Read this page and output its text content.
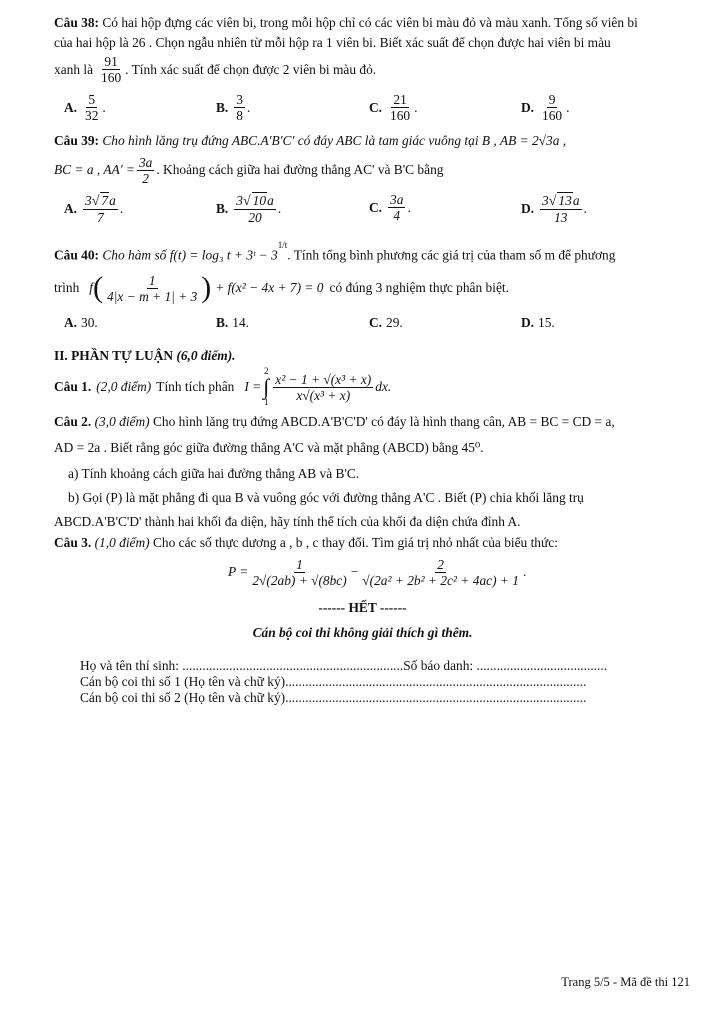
Câu 38: Có hai hộp đựng các viên bi, trong mỗi hộp chỉ có các viên bi màu đỏ và màu xanh. Tổng số viên bi
của hai hộp là 26 . Chọn ngẫu nhiên từ mỗi hộp ra 1 viên bi. Biết xác suất để chọn được hai viên bi màu
xanh là $\frac{91}{160}$ . Tính xác suất để chọn được 2 viên bi màu đỏ.
A. $\frac{5}{32}$ .	B. $\frac{3}{8}$ .	C. $\frac{21}{160}$ .	D. $\frac{9}{160}$ .
Câu 39: Cho hình lăng trụ đứng ABC.A'B'C' có đáy ABC là tam giác vuông tại B , AB = 2√3a ,
BC = a , $AA' = \frac{3a}{2}$ . Khoảng cách giữa hai đường thẳng AC' và B'C bằng
A. $\frac{3√ 7a}{7}$ .	B. $\frac{3√ 10a}{20}$ .	C. $\frac{3a}{4}$ .	D. $\frac{3√ 13a}{13}$ .
Câu 40: Cho hàm số f(t) = log₃ t + 3ᵗ − $3^{1/t}$. Tính tổng bình phương các giá trị của tham số m để phương
trình f ( $\frac{1}{4|x - m + 1| + 3}$ ) + f(x² − 4x + 7) = 0 có đúng 3 nghiệm thực phân biệt.
A. 30.	B. 14.	C. 29.	D. 15.
II. PHẦN TỰ LUẬN (6,0 điểm).
Câu 1. (2,0 điểm) Tính tích phân I =
2
∫
$1 \frac{\text{x² − 1 + √(x³ + x)}}{\text{x√(x³ + x)}}$ dx.
Câu 2. (3,0 điểm) Cho hình lăng trụ đứng ABCD.A'B'C'D' có đáy là hình thang cân, AB = BC = CD = a,
AD = 2a . Biết rằng góc giữa đường thẳng A'C và mặt phẳng (ABCD) bằng 45⁰.
a) Tính khoảng cách giữa hai đường thẳng AB và B'C.
b) Gọi (P) là mặt phẳng đi qua B và vuông góc với đường thẳng A'C . Biết (P) chia khối lăng trụ
ABCD.A'B'C'D' thành hai khối đa diện, hãy tính thể tích của khối đa diện chứa đỉnh A.
Câu 3. (1,0 điểm) Cho các số thực dương a , b , c thay đổi. Tìm giá trị nhỏ nhất của biểu thức:
$P = \frac{1}{2√(2ab) + √(8bc)} - \frac{2}{\text{√(2a² + 2b² + 2c² + 4ac) + 1}}$ .
------ HẾT ------
Cán bộ coi thi không giải thích gì thêm.
Họ và tên thí sinh: ..................................................................Số báo danh: .......................................
Cán bộ coi thi số 1 (Họ tên và chữ ký)..........................................................................................
Cán bộ coi thi số 2 (Họ tên và chữ ký)..........................................................................................
Trang 5/5 - Mã đề thi 121
